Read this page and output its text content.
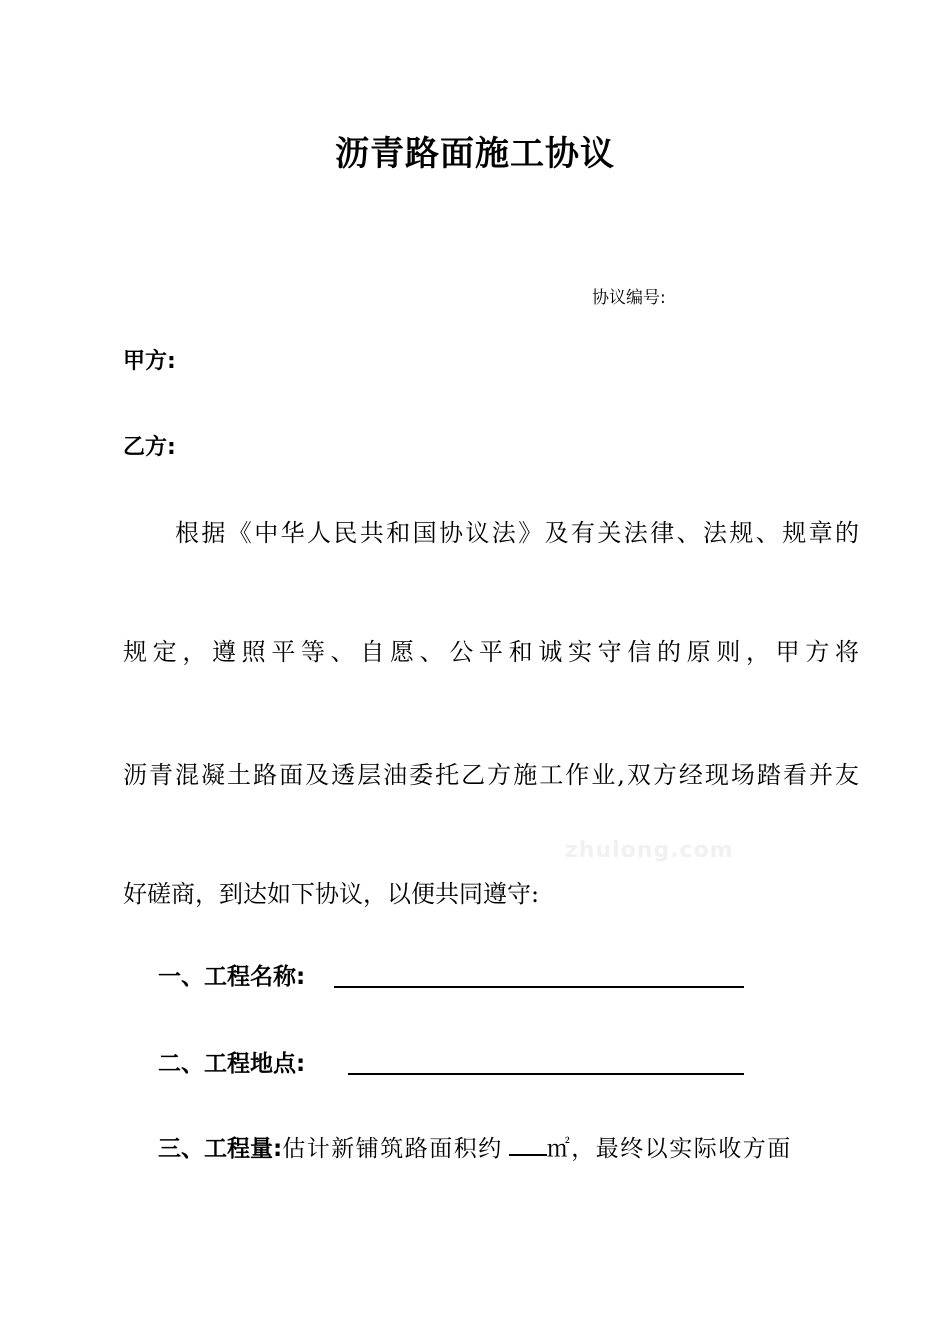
沥青路面施工协议
协议编号:
甲方:
乙方:
根据《中华人民共和国协议法》及有关法律、法规、规章的
规定，遵照平等、自愿、公平和诚实守信的原则，甲方将
沥青混凝土路面及透层油委托乙方施工作业,双方经现场踏看并友
好磋商，到达如下协议，以便共同遵守:
zhulong.com
一、工程名称:
二、工程地点:
三、工程量:估计新铺筑路面积约 ㎡，最终以实际收方面
